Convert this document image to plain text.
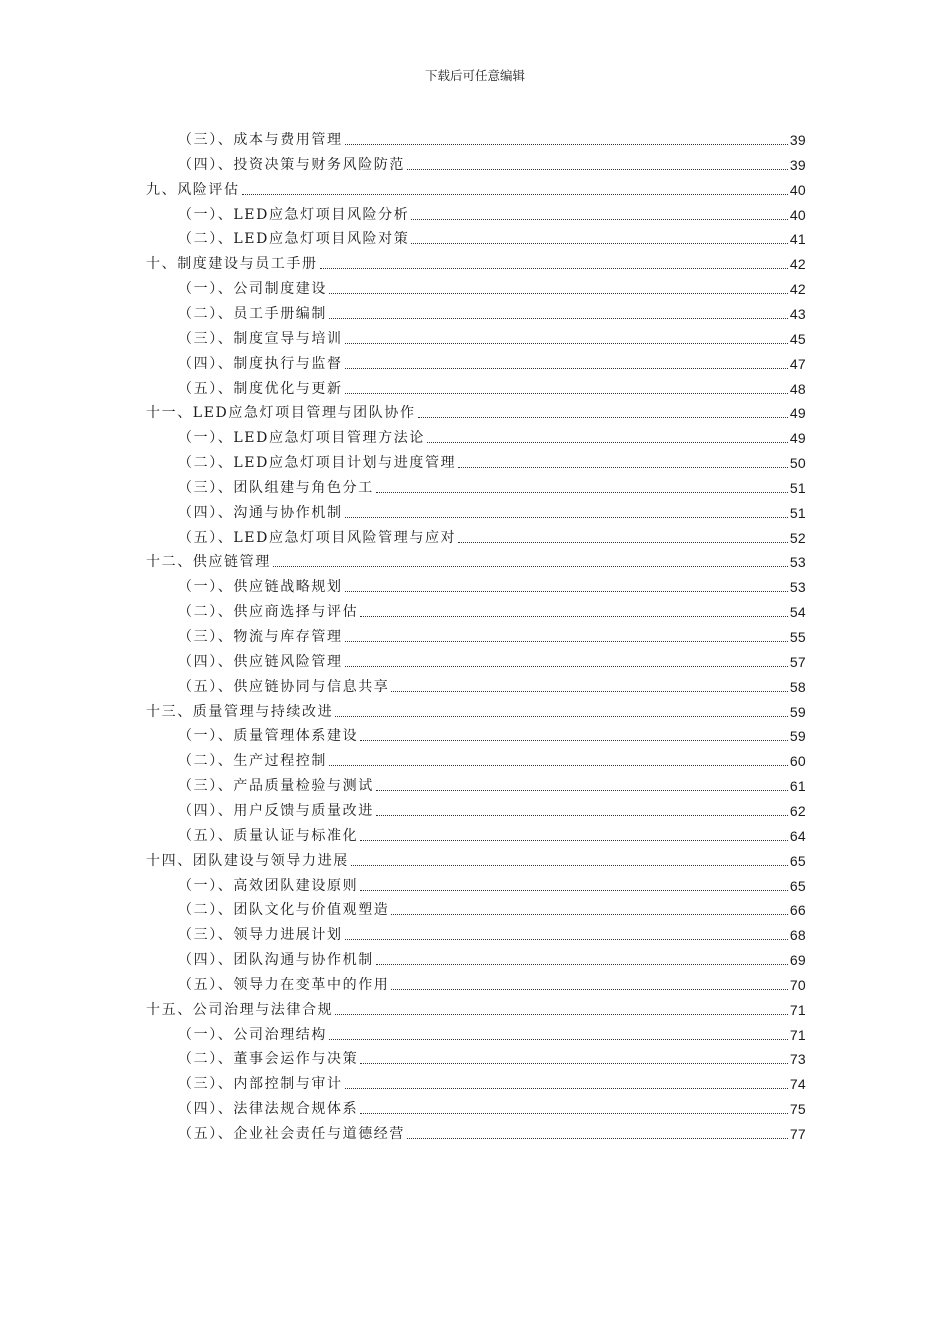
下载后可任意编辑
（三）、成本与费用管理	39
（四）、投资决策与财务风险防范	39
九、风险评估	40
（一）、LED应急灯项目风险分析	40
（二）、LED应急灯项目风险对策	41
十、制度建设与员工手册	42
（一）、公司制度建设	42
（二）、员工手册编制	43
（三）、制度宣导与培训	45
（四）、制度执行与监督	47
（五）、制度优化与更新	48
十一、LED应急灯项目管理与团队协作	49
（一）、LED应急灯项目管理方法论	49
（二）、LED应急灯项目计划与进度管理	50
（三）、团队组建与角色分工	51
（四）、沟通与协作机制	51
（五）、LED应急灯项目风险管理与应对	52
十二、供应链管理	53
（一）、供应链战略规划	53
（二）、供应商选择与评估	54
（三）、物流与库存管理	55
（四）、供应链风险管理	57
（五）、供应链协同与信息共享	58
十三、质量管理与持续改进	59
（一）、质量管理体系建设	59
（二）、生产过程控制	60
（三）、产品质量检验与测试	61
（四）、用户反馈与质量改进	62
（五）、质量认证与标准化	64
十四、团队建设与领导力进展	65
（一）、高效团队建设原则	65
（二）、团队文化与价值观塑造	66
（三）、领导力进展计划	68
（四）、团队沟通与协作机制	69
（五）、领导力在变革中的作用	70
十五、公司治理与法律合规	71
（一）、公司治理结构	71
（二）、董事会运作与决策	73
（三）、内部控制与审计	74
（四）、法律法规合规体系	75
（五）、企业社会责任与道德经营	77
